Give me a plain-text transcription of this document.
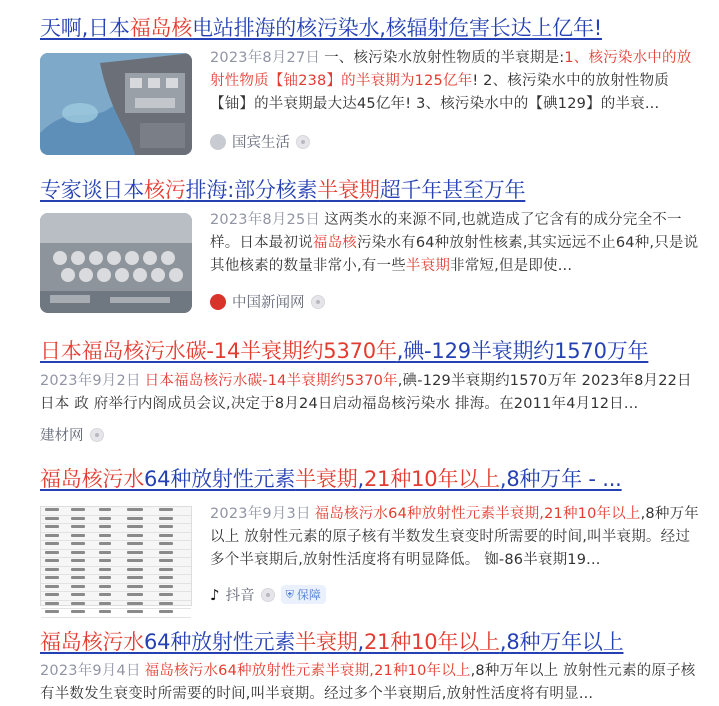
天啊,日本福岛核电站排海的核污染水,核辐射危害长达上亿年!
2023年8月27日 一、核污染水放射性物质的半衰期是:1、核污染水中的放射性物质【铀238】的半衰期为125亿年! 2、核污染水中的放射性物质【铀】的半衰期最大达45亿年! 3、核污染水中的【碘129】的半衰...
国宾生活
专家谈日本核污排海:部分核素半衰期超千年甚至万年
2023年8月25日 这两类水的来源不同,也就造成了它含有的成分完全不一样。日本最初说福岛核污染水有64种放射性核素,其实远远不止64种,只是说其他核素的数量非常小,有一些半衰期非常短,但是即使...
中国新闻网
日本福岛核污水碳-14半衰期约5370年,碘-129半衰期约1570万年
2023年9月2日 日本福岛核污水碳-14半衰期约5370年,碘-129半衰期约1570万年 2023年8月22日 日本 政 府举行内阁成员会议,决定于8月24日启动福岛核污染水 排海。在2011年4月12日...
建材网
福岛核污水64种放射性元素半衰期,21种10年以上,8种万年 - ...
2023年9月3日 福岛核污水64种放射性元素半衰期,21种10年以上,8种万年以上 放射性元素的原子核有半数发生衰变时所需要的时间,叫半衰期。经过多个半衰期后,放射性活度将有明显降低。 铷-86半衰期19...
♪ 抖音	⛨ 保障
福岛核污水64种放射性元素半衰期,21种10年以上,8种万年以上
2023年9月4日 福岛核污水64种放射性元素半衰期,21种10年以上,8种万年以上 放射性元素的原子核有半数发生衰变时所需要的时间,叫半衰期。经过多个半衰期后,放射性活度将有明显...
